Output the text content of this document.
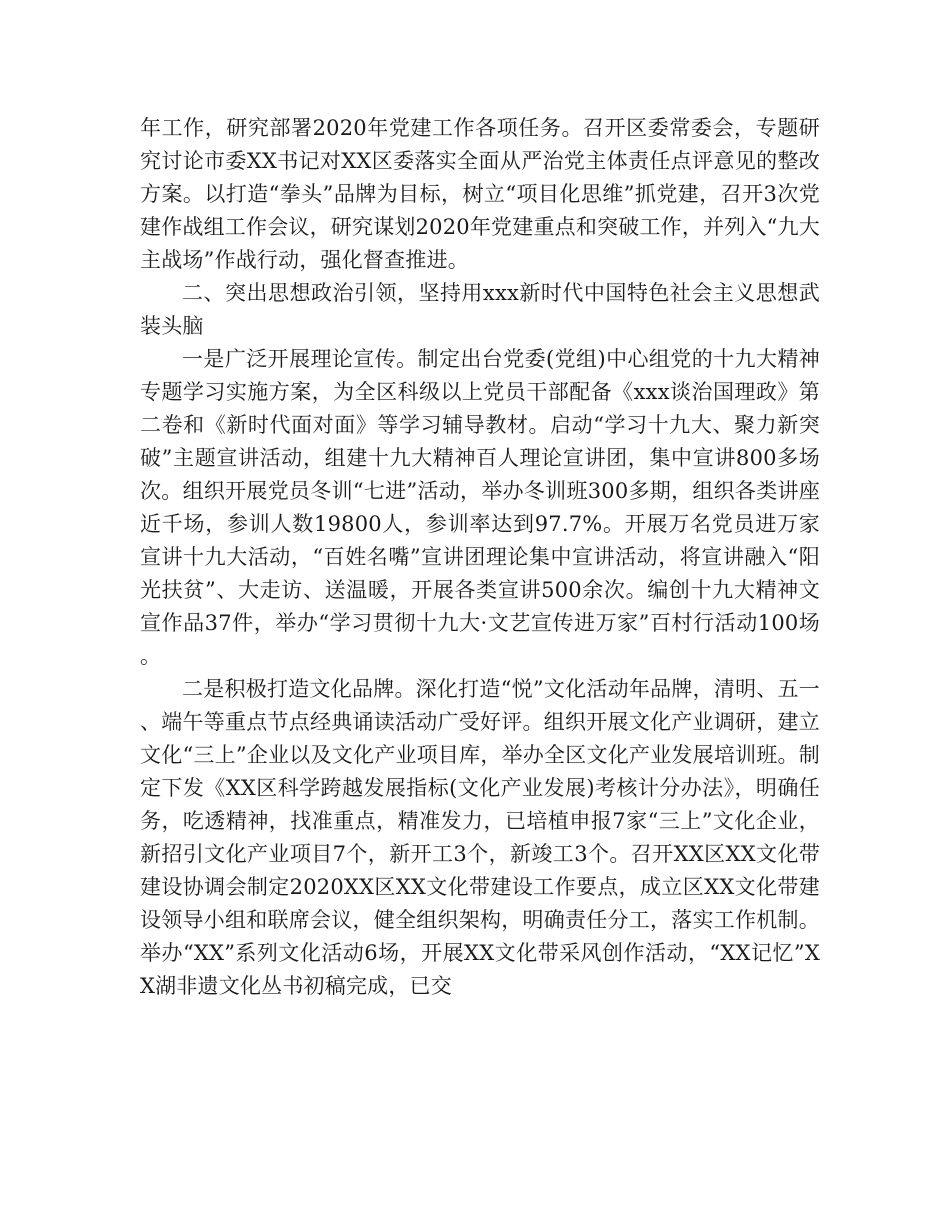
年工作，研究部署2020年党建工作各项任务。召开区委常委会，专题研究讨论市委XX书记对XX区委落实全面从严治党主体责任点评意见的整改方案。以打造“拳头”品牌为目标，树立“项目化思维”抓党建，召开3次党建作战组工作会议，研究谋划2020年党建重点和突破工作，并列入“九大主战场”作战行动，强化督查推进。

二、突出思想政治引领，坚持用xxx新时代中国特色社会主义思想武装头脑

一是广泛开展理论宣传。制定出台党委(党组)中心组党的十九大精神专题学习实施方案，为全区科级以上党员干部配备《xxx谈治国理政》第二卷和《新时代面对面》等学习辅导教材。启动“学习十九大、聚力新突破”主题宣讲活动，组建十九大精神百人理论宣讲团，集中宣讲800多场次。组织开展党员冬训“七进”活动，举办冬训班300多期，组织各类讲座近千场，参训人数19800人，参训率达到97.7%。开展万名党员进万家宣讲十九大活动，“百姓名嘴”宣讲团理论集中宣讲活动，将宣讲融入“阳光扶贫”、大走访、送温暖，开展各类宣讲500余次。编创十九大精神文宣作品37件，举办“学习贯彻十九大·文艺宣传进万家”百村行活动100场。

二是积极打造文化品牌。深化打造“悦”文化活动年品牌，清明、五一、端午等重点节点经典诵读活动广受好评。组织开展文化产业调研，建立文化“三上”企业以及文化产业项目库，举办全区文化产业发展培训班。制定下发《XX区科学跨越发展指标(文化产业发展)考核计分办法》，明确任务，吃透精神，找准重点，精准发力，已培植申报7家“三上”文化企业，新招引文化产业项目7个，新开工3个，新竣工3个。召开XX区XX文化带建设协调会制定2020XX区XX文化带建设工作要点，成立区XX文化带建设领导小组和联席会议，健全组织架构，明确责任分工，落实工作机制。举办“XX”系列文化活动6场，开展XX文化带采风创作活动，“XX记忆”XX湖非遗文化丛书初稿完成，已交
